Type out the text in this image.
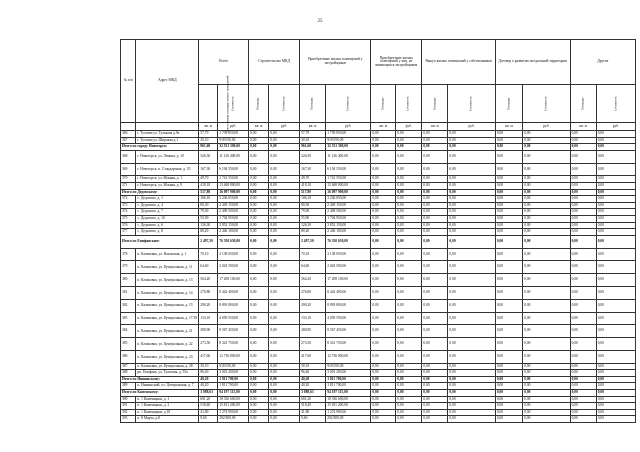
25
№ п/п	Адрес МКД	Всего		Строительство МКД		Приобретение жилых помещений у застройщиков		Приобретение жилых помещений у лиц, не являющихся застройщиком		Выкуп жилых помещений у собственников		Договор о развитии застроенной территории		Другие	
		Расселяемая площадь жилых помещений	Стоимость	Площадь	Стоимость	Площадь	Стоимость	Площадь	Стоимость	Площадь	Стоимость	Площадь	Стоимость	Площадь	Стоимость
		кв. м	руб.	кв. м	руб.	кв. м	руб.	кв. м	руб.	кв. м	руб.	кв. м	руб.	кв. м	руб.
366	г. Тулоева ул. Тулькова д.9а	57,79	1 739 850,00	0,00	0,00	57,79	1 739 850,00	0,00	0,00	0,00	0,00	0,00	0,00	0,00	0,00
367	г. Тулоева ул. Широкая д.1	30,10	918 050,00	0,00	0,00	30,10	918 050,00	0,00	0,00	0,00	0,00	0,00	0,00	0,00	0,00
Итого по городу Новогорск:		961,60	32 531 300,00	0,00	0,00	961,60	32 531 300,00	0,00	0,00	0,00	0,00	0,00	0,00	0,00	0,00
368	г. Новогорск, ул. Ленина, д. 10	326,30	11 126 400,00	0,00	0,00	326,30	11 126 400,00	0,00	0,00	0,00	0,00	0,00	0,00	0,00	0,00
369	г. Новогорск, п. Стандартная, д. 35	167,30	6 194 550,00	0,00	0,00	167,30	6 194 550,00	0,00	0,00	0,00	0,00	0,00	0,00	0,00	0,00
370	г. Новогорск, ул. Южная, д. 1	49,70	1 741 550,00	0,00	0,00	49,70	1 741 550,00	0,00	0,00	0,00	0,00	0,00	0,00	0,00	0,00
371	г. Новогорск, ул. Южная, д. 9	418,10	13 468 800,00	0,00	0,00	418,10	13 468 800,00	0,00	0,00	0,00	0,00	0,00	0,00	0,00	0,00
Итого по Дедовскому:		517,80	16 097 900,00	0,00	0,00	517,80	16 097 900,00	0,00	0,00	0,00	0,00	0,00	0,00	0,00	0,00
372	с. Дедилово, д. 1	106,10	3 236 050,00	0,00	0,00	106,10	3 236 050,00	0,00	0,00	0,00	0,00	0,00	0,00	0,00	0,00
373	с. Дедилово, д. 4	80,30	2 449 150,00	0,00	0,00	80,30	2 449 150,00	0,00	0,00	0,00	0,00	0,00	0,00	0,00	0,00
374	с. Дедилово, д. 7	79,00	2 409 500,00	0,00	0,00	79,00	2 409 500,00	0,00	0,00	0,00	0,00	0,00	0,00	0,00	0,00
375	с. Дедилово, д. 10	55,90	1 704 950,00	0,00	0,00	55,90	1 704 950,00	0,00	0,00	0,00	0,00	0,00	0,00	0,00	0,00
376	с. Дедилово, д. 6	126,30	3 852 150,00	0,00	0,00	126,30	3 852 150,00	0,00	0,00	0,00	0,00	0,00	0,00	0,00	0,00
377	с. Дедилово, д. 8	80,20	2 446 100,00	0,00	0,00	80,20	2 446 100,00	0,00	0,00	0,00	0,00	0,00	0,00	0,00	0,00
Итого по Епифанским:		2 497,50	76 350 650,00	0,00	0,00	2 497,50	76 350 650,00	0,00	0,00	0,00	0,00	0,00	0,00	0,00	0,00
378	п. Казановка, ул. Казанская, д. 1	70,10	2 138 050,00	0,00	0,00	70,10	2 138 050,00	0,00	0,00	0,00	0,00	0,00	0,00	0,00	0,00
379	п. Казановка, ул. Центральная, д. 11	64,60	2 043 500,00	0,00	0,00	64,60	2 043 500,00	0,00	0,00	0,00	0,00	0,00	0,00	0,00	0,00
380	п. Казановка, ул. Центральная, д. 13	564,20	17 208 100,00	0,00	0,00	564,20	17 208 100,00	0,00	0,00	0,00	0,00	0,00	0,00	0,00	0,00
381	п. Казановка, ул. Центральная, д. 14	276,80	8 442 400,00	0,00	0,00	276,80	8 442 400,00	0,00	0,00	0,00	0,00	0,00	0,00	0,00	0,00
382	п. Казановка, ул. Центральная, д. 15	290,20	8 893 800,00	0,00	0,00	290,20	8 893 800,00	0,00	0,00	0,00	0,00	0,00	0,00	0,00	0,00
383	п. Казановка, ул. Центральная, д. 17/18	133,10	4 059 550,00	0,00	0,00	133,10	4 059 550,00	0,00	0,00	0,00	0,00	0,00	0,00	0,00	0,00
384	п. Казановка, ул. Центральная, д. 21	280,90	8 567 450,00	0,00	0,00	280,90	8 567 450,00	0,00	0,00	0,00	0,00	0,00	0,00	0,00	0,00
385	п. Казановка, ул. Центральная, д. 22	273,50	8 341 750,00	0,00	0,00	273,50	8 341 750,00	0,00	0,00	0,00	0,00	0,00	0,00	0,00	0,00
386	п. Казановка, ул. Центральная, д. 23	417,60	12 736 800,00	0,00	0,00	417,60	12 736 800,00	0,00	0,00	0,00	0,00	0,00	0,00	0,00	0,00
387	п. Казановка, ул. Центральная, д. 28	30,10	918 050,00	0,00	0,00	30,10	918 050,00	0,00	0,00	0,00	0,00	0,00	0,00	0,00	0,00
388	рп. Епифань, ул. Тульская, д. 55а	96,40	3 001 200,00	0,00	0,00	96,40	3 001 200,00	0,00	0,00	0,00	0,00	0,00	0,00	0,00	0,00
Итого по Иншинскому:		40,20	1 811 700,00	0,00	0,00	40,20	1 811 700,00	0,00	0,00	0,00	0,00	0,00	0,00	0,00	0,00
389	п. Иншинский, ул. Центральная, д. 7	40,20	1 811 700,00	0,00	0,00	40,20	1 811 700,00	0,00	0,00	0,00	0,00	0,00	0,00	0,00	0,00
Итого по Каменскому:		3 088,63	94 197 115,00	0,00	0,00	3 088,63	94 197 115,00	0,00	0,00	0,00	0,00	0,00	0,00	0,00	0,00
390	п. 1 Каменщики, д. 1	601,20	18 336 600,00	0,00	0,00	601,20	18 336 600,00	0,00	0,00	0,00	0,00	0,00	0,00	0,00	0,00
391	п. 1 Каменщики, д. 2	518,40	15 811 200,00	0,00	0,00	518,40	15 811 200,00	0,00	0,00	0,00	0,00	0,00	0,00	0,00	0,00
392	п. 1 Каменщики, д.18	41,80	1 274 900,00	0,00	0,00	41,80	1 274 900,00	0,00	0,00	0,00	0,00	0,00	0,00	0,00	0,00
393	п. 8 Марта, д.8	9,60	292 800,00	0,00	0,00	9,60	292 800,00	0,00	0,00	0,00	0,00	0,00	0,00	0,00	0,00
